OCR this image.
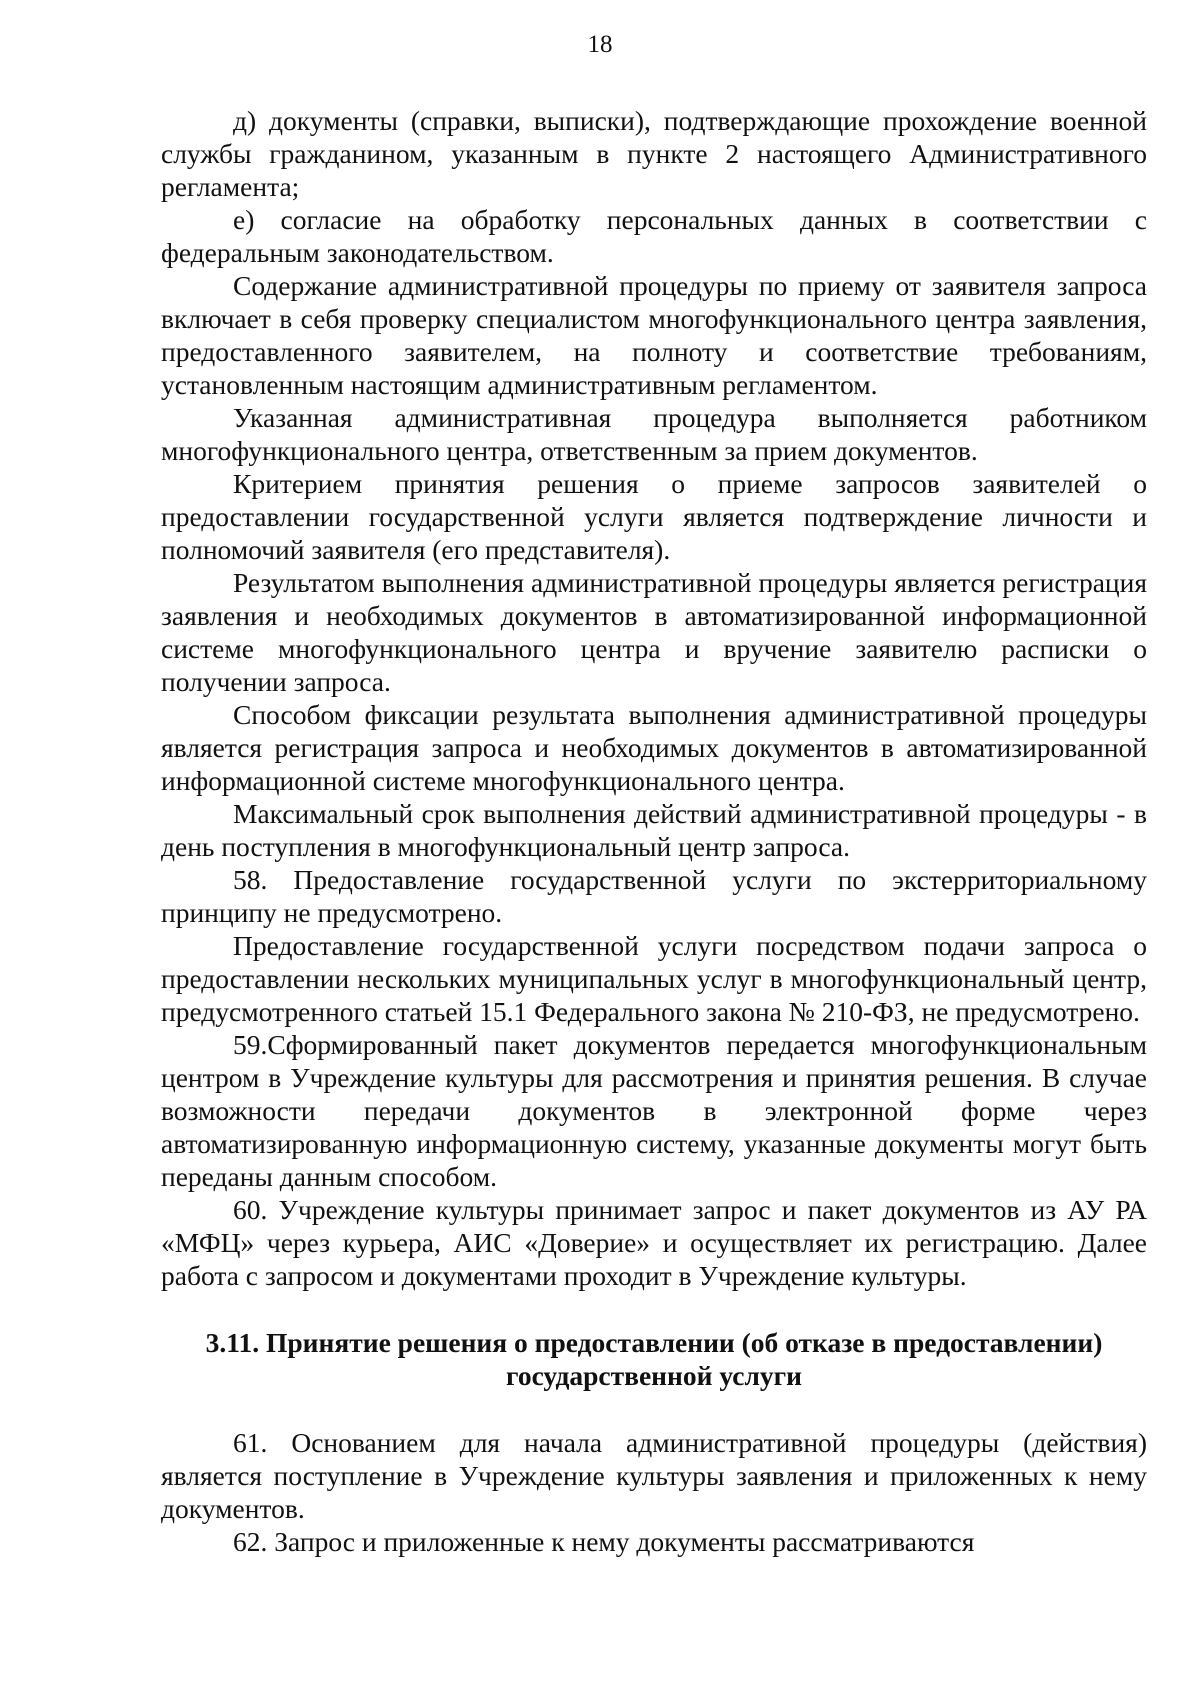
18

д) документы (справки, выписки), подтверждающие прохождение военной службы гражданином, указанным в пункте 2 настоящего Административного регламента;

е) согласие на обработку персональных данных в соответствии с федеральным законодательством.

Содержание административной процедуры по приему от заявителя запроса включает в себя проверку специалистом многофункционального центра заявления, предоставленного заявителем, на полноту и соответствие требованиям, установленным настоящим административным регламентом.

Указанная административная процедура выполняется работником многофункционального центра, ответственным за прием документов.

Критерием принятия решения о приеме запросов заявителей о предоставлении государственной услуги является подтверждение личности и полномочий заявителя (его представителя).

Результатом выполнения административной процедуры является регистрация заявления и необходимых документов в автоматизированной информационной системе многофункционального центра и вручение заявителю расписки о получении запроса.

Способом фиксации результата выполнения административной процедуры является регистрация запроса и необходимых документов в автоматизированной информационной системе многофункционального центра.

Максимальный срок выполнения действий административной процедуры - в день поступления в многофункциональный центр запроса.

58. Предоставление государственной услуги по экстерриториальному принципу не предусмотрено.

Предоставление государственной услуги посредством подачи запроса о предоставлении нескольких муниципальных услуг в многофункциональный центр, предусмотренного статьей 15.1 Федерального закона № 210-ФЗ, не предусмотрено.

59.Сформированный пакет документов передается многофункциональным центром в Учреждение культуры для рассмотрения и принятия решения. В случае возможности передачи документов в электронной форме через автоматизированную информационную систему, указанные документы могут быть переданы данным способом.

60. Учреждение культуры принимает запрос и пакет документов из АУ РА «МФЦ» через курьера, АИС «Доверие» и осуществляет их регистрацию. Далее работа с запросом и документами проходит в Учреждение культуры.

3.11. Принятие решения о предоставлении (об отказе в предоставлении)
государственной услуги

61. Основанием для начала административной процедуры (действия) является поступление в Учреждение культуры заявления и приложенных к нему документов.

62. Запрос и приложенные к нему документы рассматриваются
